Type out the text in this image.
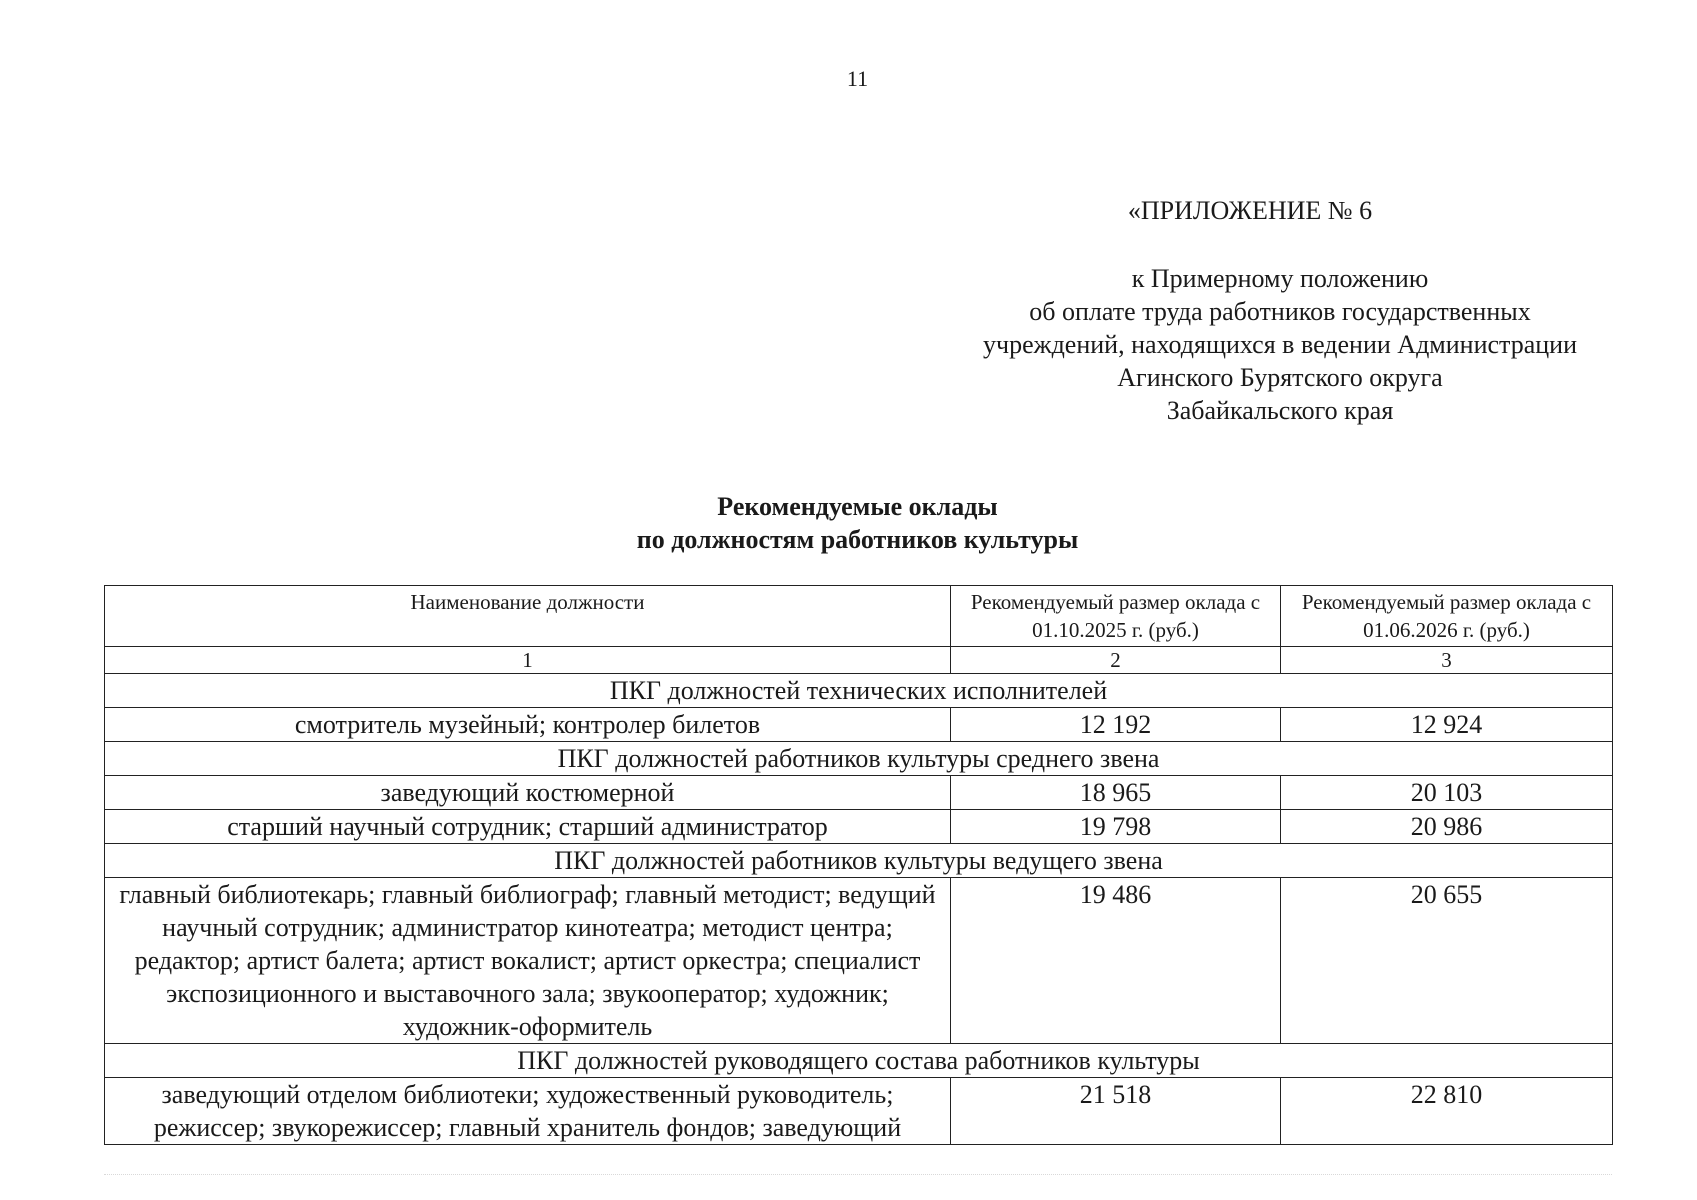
11
«ПРИЛОЖЕНИЕ № 6
к Примерному положению
об оплате труда работников государственных
учреждений, находящихся в ведении Администрации
Агинского Бурятского округа
Забайкальского края
Рекомендуемые оклады
по должностям работников культуры
Наименование должности	Рекомендуемый размер оклада с 01.10.2025 г. (руб.)	Рекомендуемый размер оклада с 01.06.2026 г. (руб.)
1	2	3
ПКГ должностей технических исполнителей		
смотритель музейный; контролер билетов	12 192	12 924
ПКГ должностей работников культуры среднего звена		
заведующий костюмерной	18 965	20 103
старший научный сотрудник; старший администратор	19 798	20 986
ПКГ должностей работников культуры ведущего звена		
главный библиотекарь; главный библиограф; главный методист; ведущий научный сотрудник; администратор кинотеатра; методист центра; редактор; артист балета; артист вокалист; артист оркестра; специалист экспозиционного и выставочного зала; звукооператор; художник; художник-оформитель	19 486	20 655
ПКГ должностей руководящего состава работников культуры		
заведующий отделом библиотеки; художественный руководитель; режиссер; звукорежиссер; главный хранитель фондов; заведующий	21 518	22 810
